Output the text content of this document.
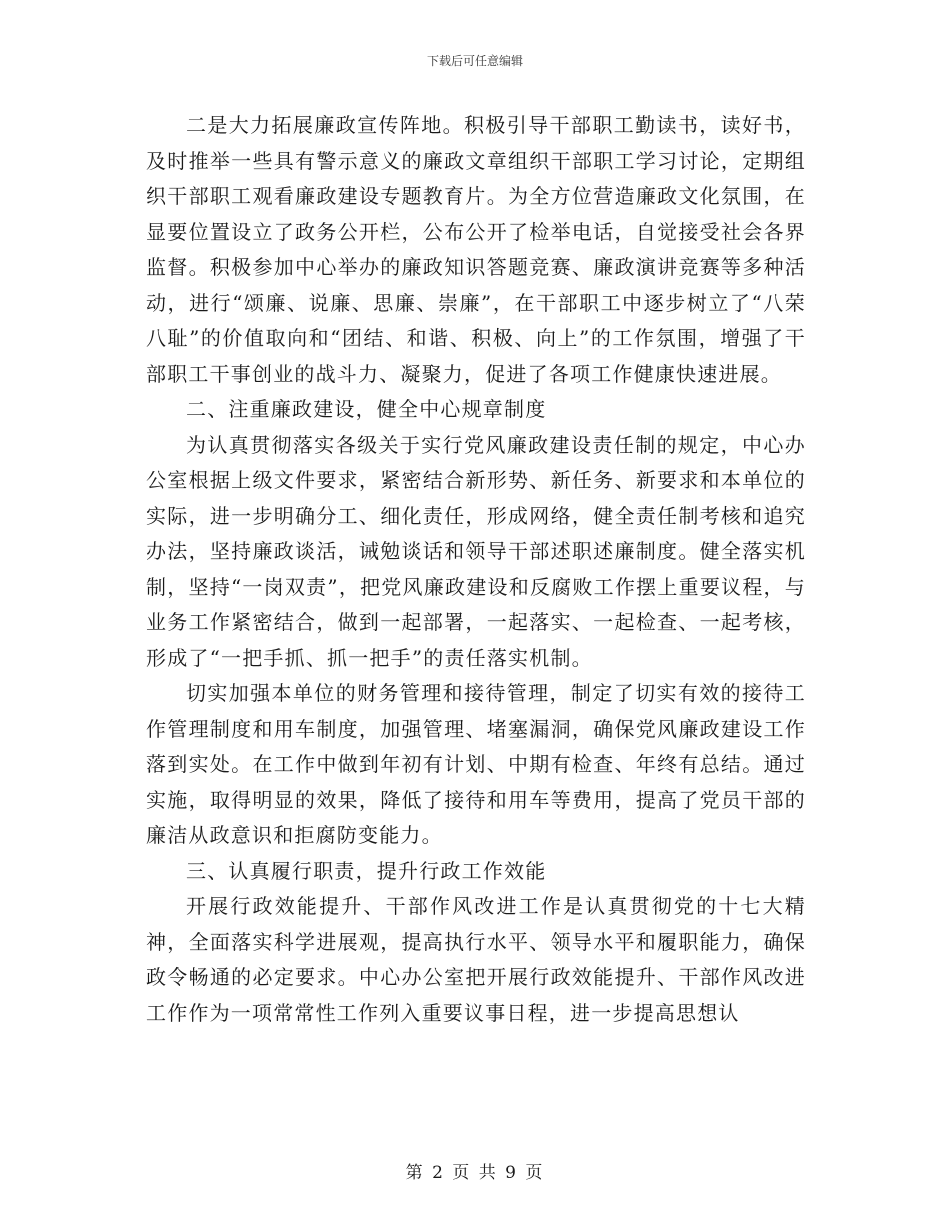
下载后可任意编辑

二是大力拓展廉政宣传阵地。积极引导干部职工勤读书，读好书，及时推举一些具有警示意义的廉政文章组织干部职工学习讨论，定期组织干部职工观看廉政建设专题教育片。为全方位营造廉政文化氛围，在显要位置设立了政务公开栏，公布公开了检举电话，自觉接受社会各界监督。积极参加中心举办的廉政知识答题竞赛、廉政演讲竞赛等多种活动，进行“颂廉、说廉、思廉、崇廉”，在干部职工中逐步树立了“八荣八耻”的价值取向和“团结、和谐、积极、向上”的工作氛围，增强了干部职工干事创业的战斗力、凝聚力，促进了各项工作健康快速进展。

二、注重廉政建设，健全中心规章制度

为认真贯彻落实各级关于实行党风廉政建设责任制的规定，中心办公室根据上级文件要求，紧密结合新形势、新任务、新要求和本单位的实际，进一步明确分工、细化责任，形成网络，健全责任制考核和追究办法，坚持廉政谈活，诫勉谈话和领导干部述职述廉制度。健全落实机制，坚持“一岗双责”，把党风廉政建设和反腐败工作摆上重要议程，与业务工作紧密结合，做到一起部署，一起落实、一起检查、一起考核，形成了“一把手抓、抓一把手”的责任落实机制。

切实加强本单位的财务管理和接待管理，制定了切实有效的接待工作管理制度和用车制度，加强管理、堵塞漏洞，确保党风廉政建设工作落到实处。在工作中做到年初有计划、中期有检查、年终有总结。通过实施，取得明显的效果，降低了接待和用车等费用，提高了党员干部的廉洁从政意识和拒腐防变能力。

三、认真履行职责，提升行政工作效能

开展行政效能提升、干部作风改进工作是认真贯彻党的十七大精神，全面落实科学进展观，提高执行水平、领导水平和履职能力，确保政令畅通的必定要求。中心办公室把开展行政效能提升、干部作风改进工作作为一项常常性工作列入重要议事日程，进一步提高思想认

第 2 页 共 9 页
